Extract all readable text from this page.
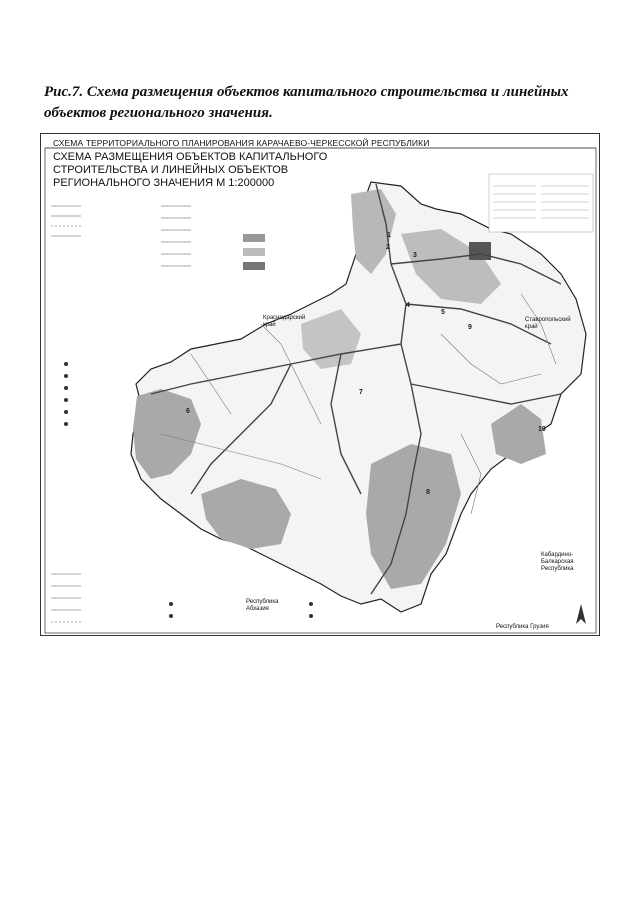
Рис.7. Схема размещения объектов капитального строительства и линейных объектов регионального значения.

СХЕМА ТЕРРИТОРИАЛЬНОГО ПЛАНИРОВАНИЯ КАРАЧАЕВО-ЧЕРКЕССКОЙ РЕСПУБЛИКИ
СХЕМА РАЗМЕЩЕНИЯ ОБЪЕКТОВ КАПИТАЛЬНОГО
СТРОИТЕЛЬСТВА И ЛИНЕЙНЫХ ОБЪЕКТОВ
РЕГИОНАЛЬНОГО ЗНАЧЕНИЯ М 1:200000
Краснодарский
край
Ставропольский
край
Кабардино-
Балкарская
Республика
Республика
Абхазия
Республика Грузия
1
2
3
4
5
6
7
8
9
10
